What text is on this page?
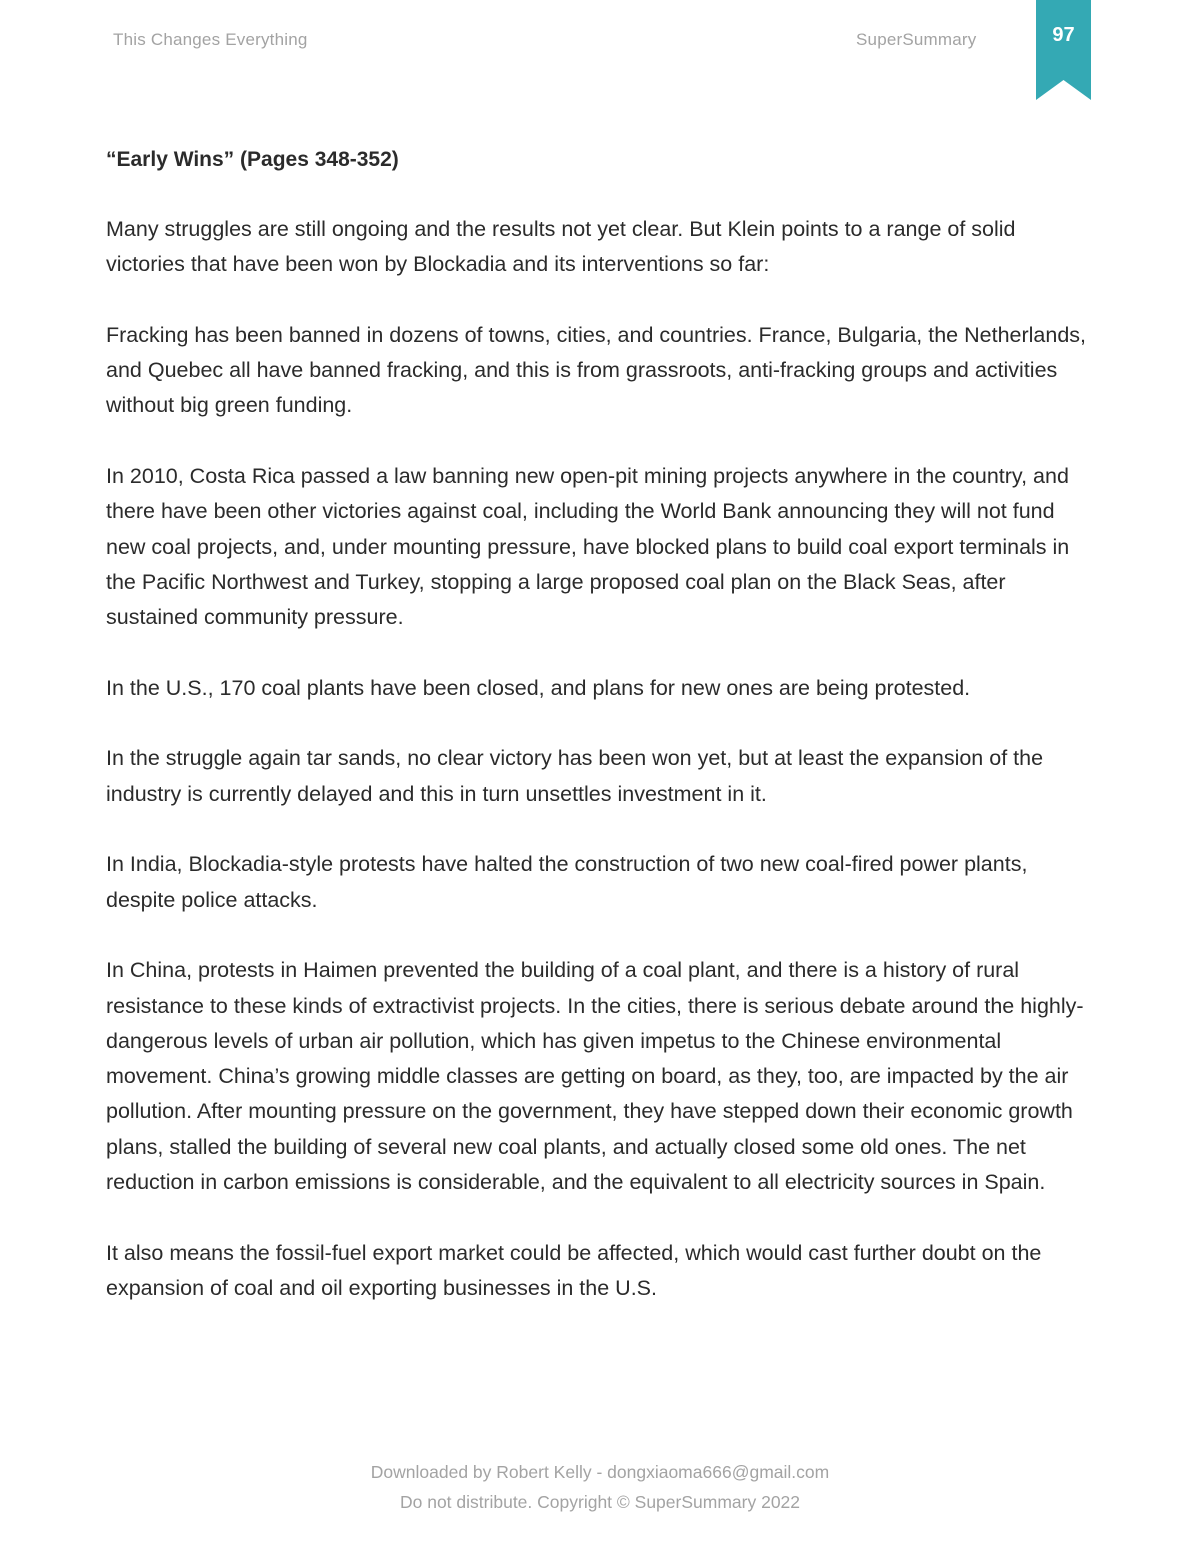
This Changes Everything	SuperSummary	97
“Early Wins” (Pages 348-352)

Many struggles are still ongoing and the results not yet clear. But Klein points to a range of solid victories that have been won by Blockadia and its interventions so far:

Fracking has been banned in dozens of towns, cities, and countries. France, Bulgaria, the Netherlands, and Quebec all have banned fracking, and this is from grassroots, anti-fracking groups and activities without big green funding.

In 2010, Costa Rica passed a law banning new open-pit mining projects anywhere in the country, and there have been other victories against coal, including the World Bank announcing they will not fund new coal projects, and, under mounting pressure, have blocked plans to build coal export terminals in the Pacific Northwest and Turkey, stopping a large proposed coal plan on the Black Seas, after sustained community pressure.

In the U.S., 170 coal plants have been closed, and plans for new ones are being protested.

In the struggle again tar sands, no clear victory has been won yet, but at least the expansion of the industry is currently delayed and this in turn unsettles investment in it.

In India, Blockadia-style protests have halted the construction of two new coal-fired power plants, despite police attacks.

In China, protests in Haimen prevented the building of a coal plant, and there is a history of rural resistance to these kinds of extractivist projects. In the cities, there is serious debate around the highly-dangerous levels of urban air pollution, which has given impetus to the Chinese environmental movement. China’s growing middle classes are getting on board, as they, too, are impacted by the air pollution. After mounting pressure on the government, they have stepped down their economic growth plans, stalled the building of several new coal plants, and actually closed some old ones. The net reduction in carbon emissions is considerable, and the equivalent to all electricity sources in Spain.

It also means the fossil-fuel export market could be affected, which would cast further doubt on the expansion of coal and oil exporting businesses in the U.S.

Downloaded by Robert Kelly - dongxiaoma666@gmail.com
Do not distribute. Copyright © SuperSummary 2022
